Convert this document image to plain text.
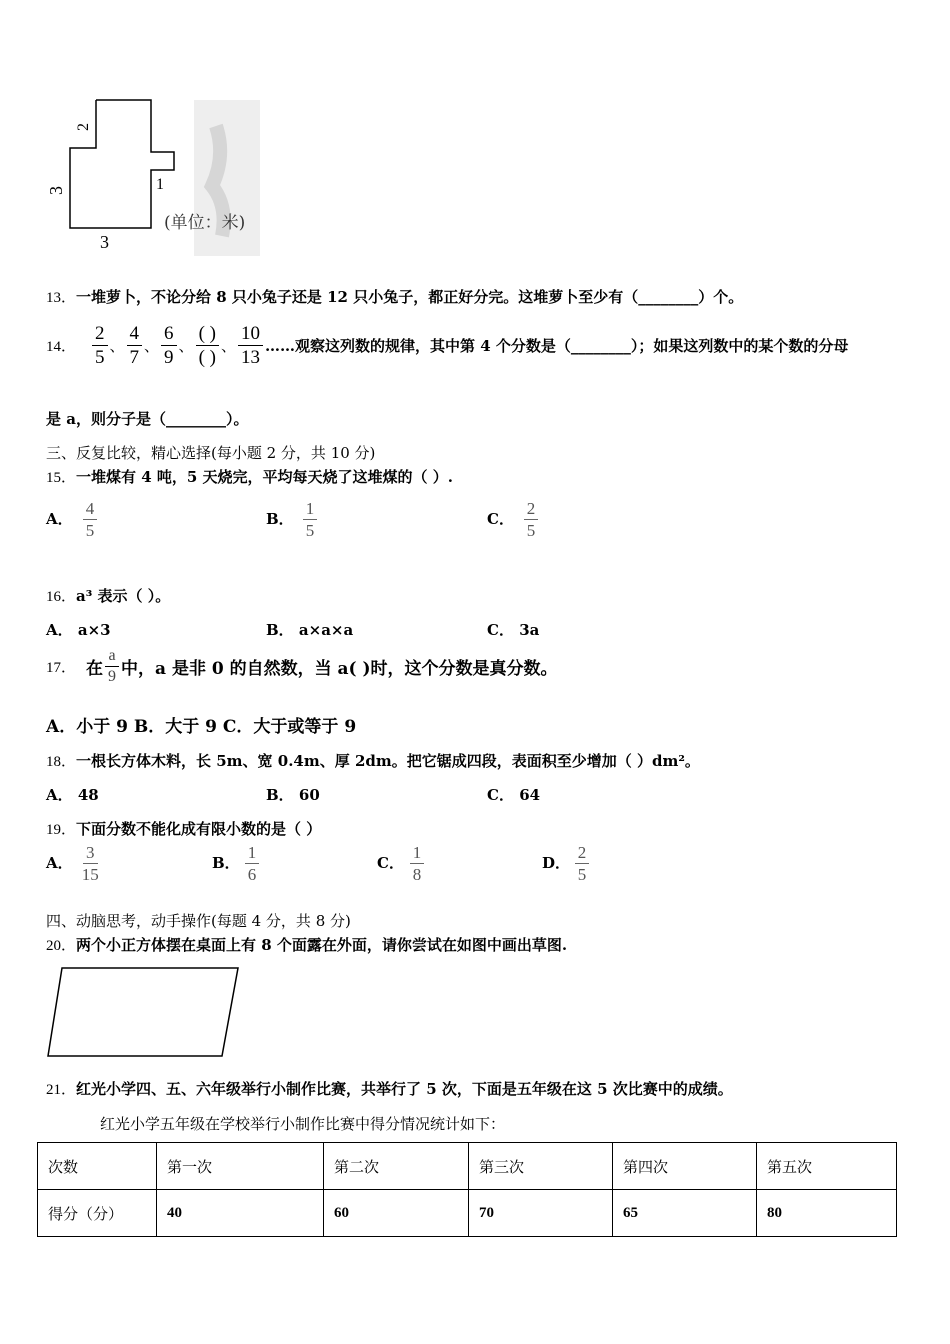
2
3
3
1
(单位：米)
13．一堆萝卜，不论分给 8 只小兔子还是 12 只小兔子，都正好分完。这堆萝卜至少有（________）个。
14． $\frac{2}{5}$ 、 $\frac{4}{7}$ 、 $\frac{6}{9}$ 、 $\frac{( )}{( )}$ 、 $\frac{10}{13}$ ……观察这列数的规律，其中第 4 个分数是（________）；如果这列数中的某个数的分母
是 a，则分子是（________）。
三、反复比较，精心选择(每小题 2 分，共 10 分)
15．一堆煤有 4 吨，5 天烧完，平均每天烧了这堆煤的（ ）.
A． $\frac{4}{5}$	B． $\frac{1}{5}$	C． $\frac{2}{5}$
16．a³ 表示（ ）。
A． a×3	B． a×a×a	C． 3a
17． 在 $\frac{a}{9}$ 中，a 是非 0 的自然数，当 a( )时，这个分数是真分数。
A．小于 9 B．大于 9 C．大于或等于 9
18．一根长方体木料，长 5m、宽 0.4m、厚 2dm。把它锯成四段，表面积至少增加（ ）dm²。
A． 48	B． 60	C． 64
19．下面分数不能化成有限小数的是（ ）
A． $\frac{3}{15}$	B． $\frac{1}{6}$	C． $\frac{1}{8}$	D． $\frac{2}{5}$
四、动脑思考，动手操作(每题 4 分，共 8 分)
20．两个小正方体摆在桌面上有 8 个面露在外面，请你尝试在如图中画出草图.
21．红光小学四、五、六年级举行小制作比赛，共举行了 5 次，下面是五年级在这 5 次比赛中的成绩。
红光小学五年级在学校举行小制作比赛中得分情况统计如下：
次数	第一次	第二次	第三次	第四次	第五次
得分（分）	40	60	70	65	80
